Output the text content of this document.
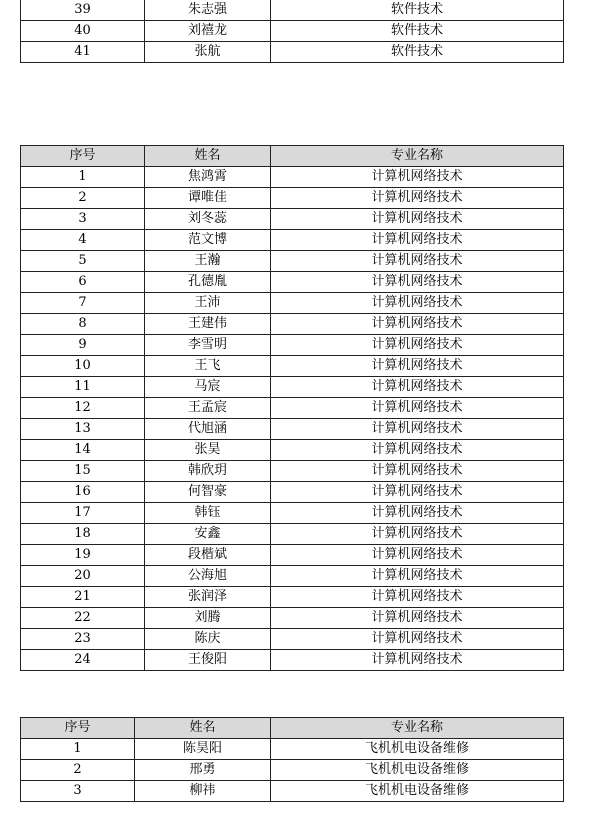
39	朱志强	软件技术
40	刘禧龙	软件技术
41	张航	软件技术
序号	姓名	专业名称
1	焦鸿霄	计算机网络技术
2	谭唯佳	计算机网络技术
3	刘冬蕊	计算机网络技术
4	范文博	计算机网络技术
5	王瀚	计算机网络技术
6	孔德胤	计算机网络技术
7	王沛	计算机网络技术
8	王建伟	计算机网络技术
9	李雪明	计算机网络技术
10	王飞	计算机网络技术
11	马宸	计算机网络技术
12	王孟宸	计算机网络技术
13	代旭涵	计算机网络技术
14	张昊	计算机网络技术
15	韩欣玥	计算机网络技术
16	何智豪	计算机网络技术
17	韩钰	计算机网络技术
18	安鑫	计算机网络技术
19	段楷斌	计算机网络技术
20	公海旭	计算机网络技术
21	张润泽	计算机网络技术
22	刘腾	计算机网络技术
23	陈庆	计算机网络技术
24	王俊阳	计算机网络技术
序号	姓名	专业名称
1	陈昊阳	飞机机电设备维修
2	邢勇	飞机机电设备维修
3	柳祎	飞机机电设备维修
